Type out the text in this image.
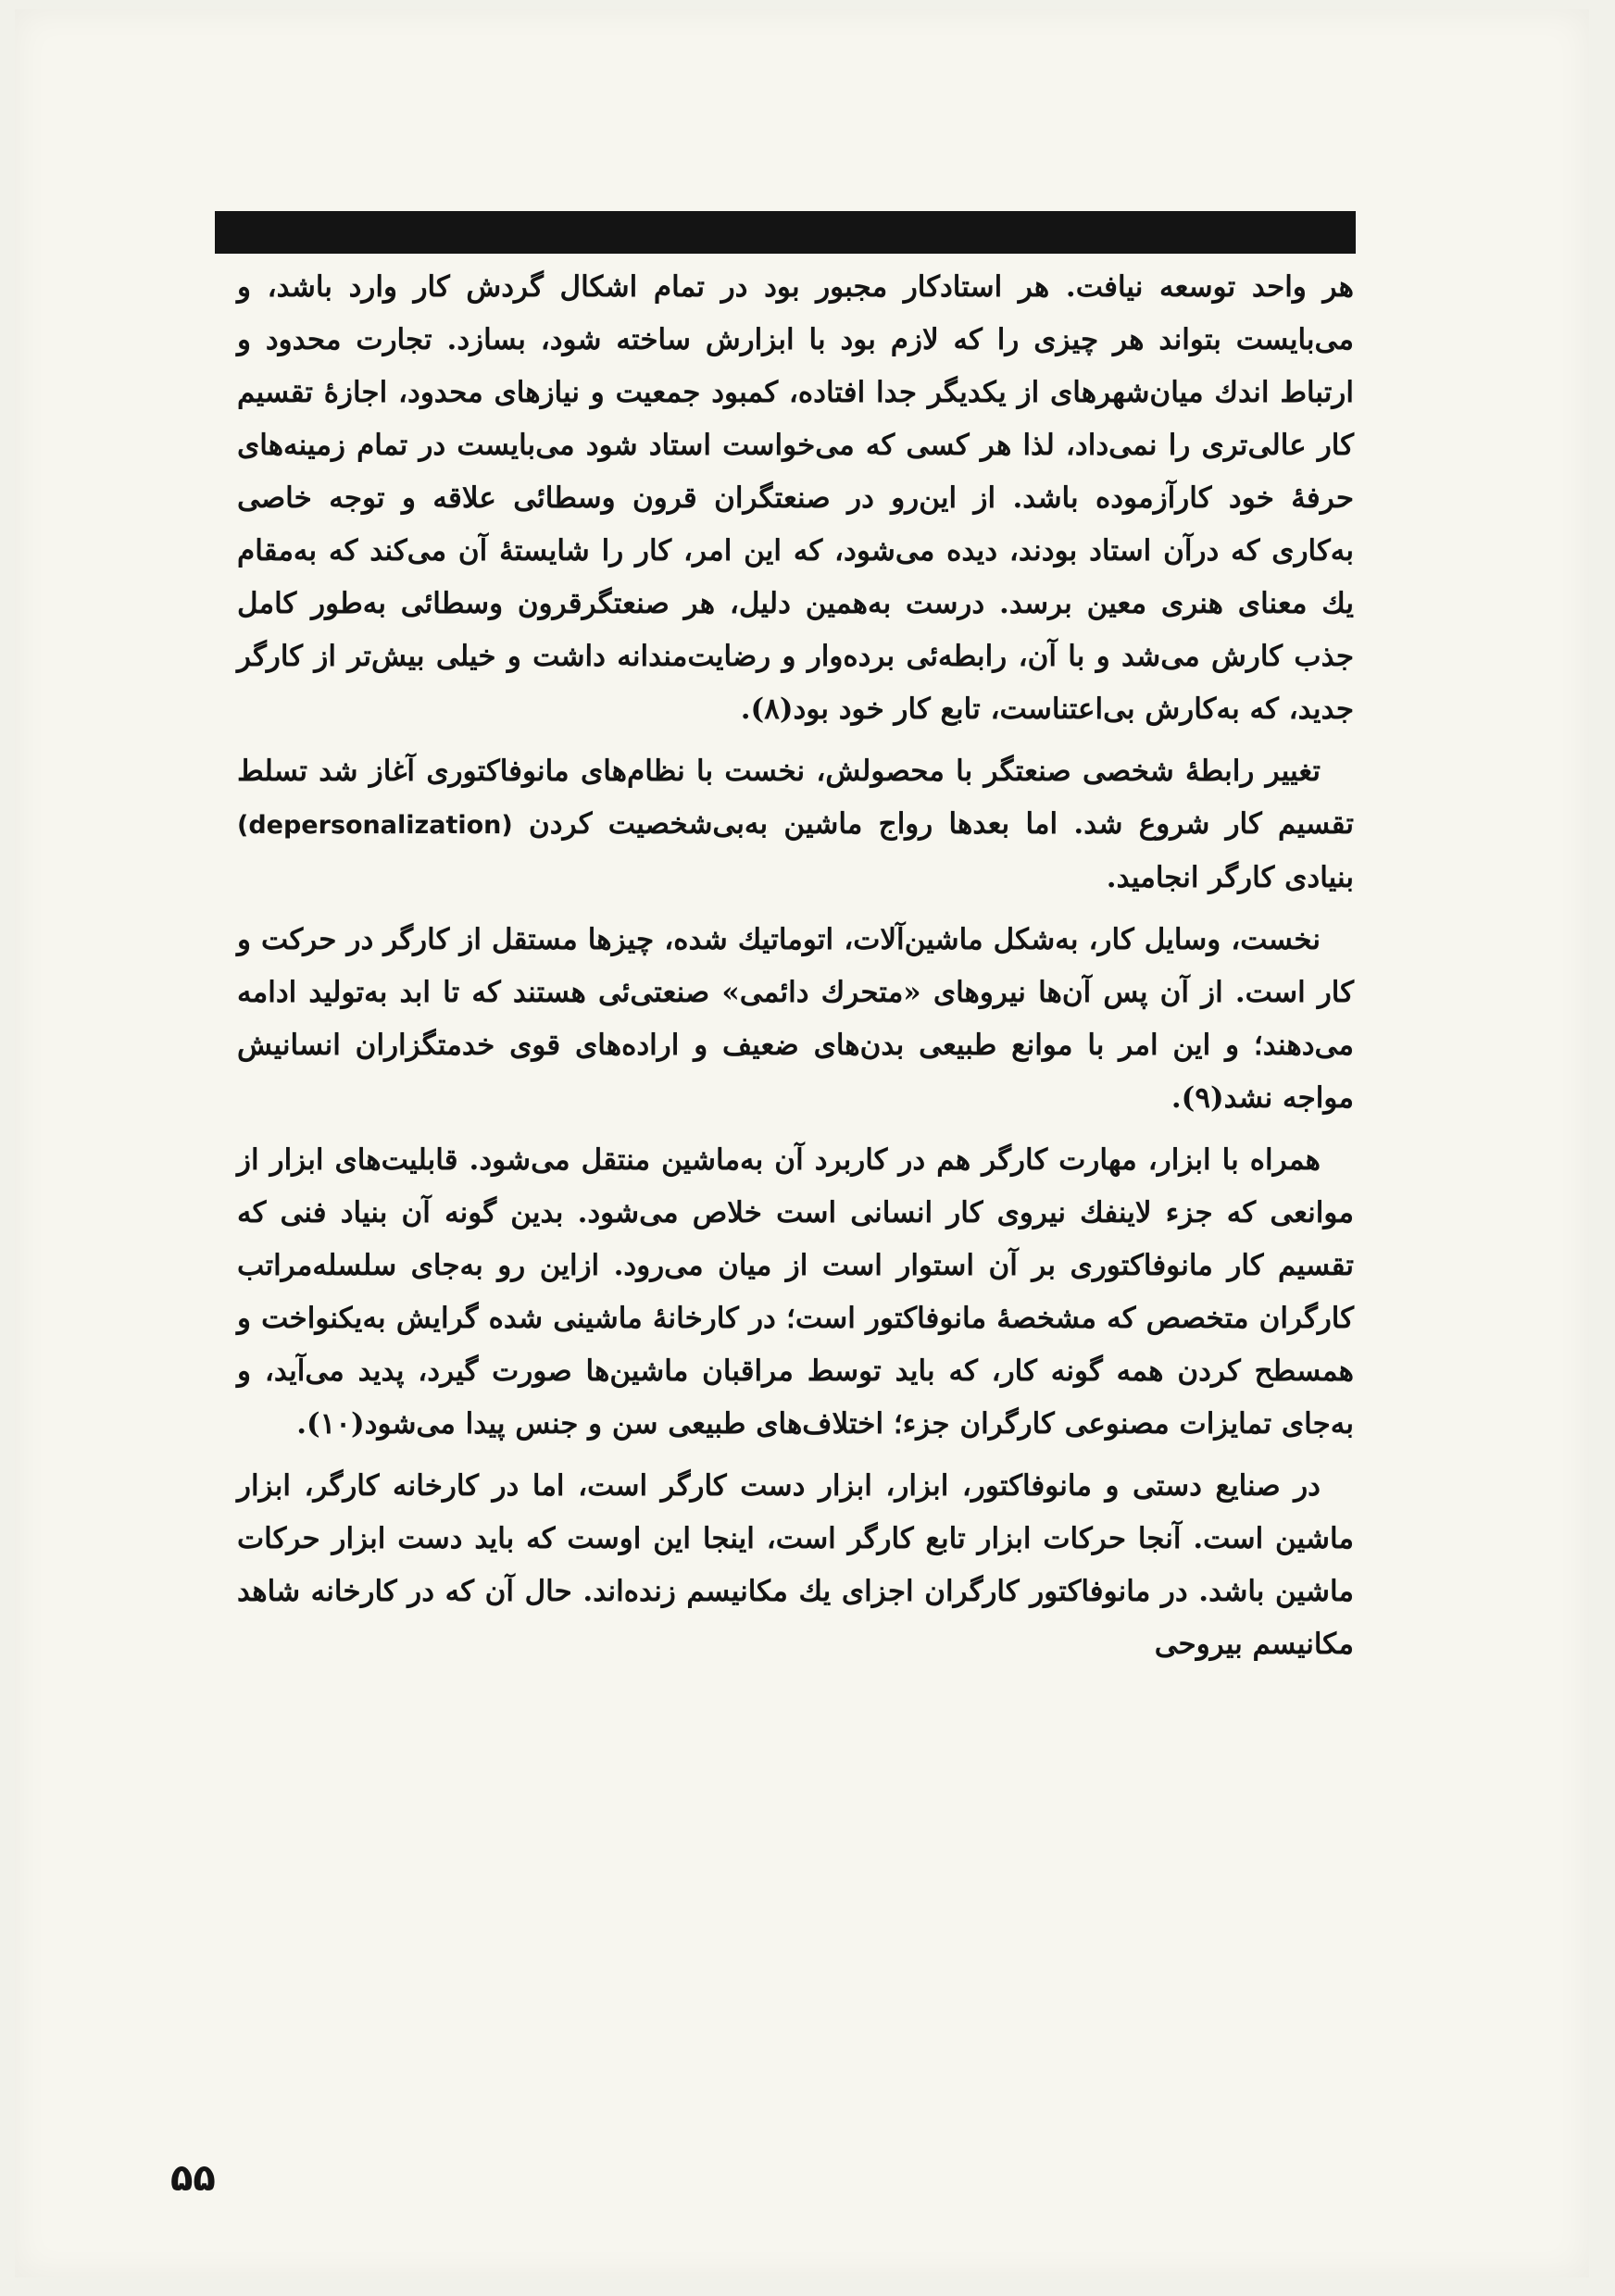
هر واحد توسعه نیافت. هر استادکار مجبور بود در تمام اشکال گردش کار وارد باشد، و می‌بایست بتواند هر چیزی را که لازم بود با ابزارش ساخته شود، بسازد. تجارت محدود و ارتباط اندك میان‌شهرهای از یکدیگر جدا افتاده، کمبود جمعیت و نیازهای محدود، اجازهٔ تقسیم کار عالی‌تری را نمی‌داد، لذا هر کسی که می‌خواست استاد شود می‌بایست در تمام زمینه‌های حرفهٔ خود کارآزموده باشد. از این‌رو در صنعتگران قرون وسطائی علاقه و توجه خاصی به‌کاری که درآن استاد بودند، دیده می‌شود، که این امر، کار را شایستهٔ آن می‌کند که به‌مقام یك معنای هنری معین برسد. درست به‌همین دلیل، هر صنعتگرقرون وسطائی به‌طور کامل جذب کارش می‌شد و با آن، رابطه‌ئی برده‌وار و رضایت‌مندانه داشت و خیلی بیش‌تر از کارگر جدید، که به‌کارش بی‌اعتناست، تابع کار خود بود(۸).

تغییر رابطهٔ شخصی صنعتگر با محصولش، نخست با نظام‌های مانوفاکتوری آغاز شد تسلط تقسیم کار شروع شد. اما بعدها رواج ماشین به‌بی‌شخصیت کردن (depersonalization) بنیادی کارگر انجامید.

نخست، وسایل کار، به‌شکل ماشین‌آلات، اتوماتیك شده، چیزها مستقل از کارگر در حرکت و کار است. از آن پس آن‌ها نیروهای «متحرك دائمی» صنعتی‌ئی هستند که تا ابد به‌تولید ادامه می‌دهند؛ و این امر با موانع طبیعی بدن‌های ضعیف و اراده‌های قوی خدمتگزاران انسانیش مواجه نشد(۹).

همراه با ابزار، مهارت کارگر هم در کاربرد آن به‌ماشین منتقل می‌شود. قابلیت‌های ابزار از موانعی که جزء لاینفك نیروی کار انسانی است خلاص می‌شود. بدین گونه آن بنیاد فنی که تقسیم کار مانوفاکتوری بر آن استوار است از میان می‌رود. ازاین رو به‌جای سلسله‌مراتب کارگران متخصص که مشخصهٔ مانوفاکتور است؛ در کارخانهٔ ماشینی شده گرایش به‌یکنواخت و همسطح کردن همه گونه کار، که باید توسط مراقبان ماشین‌ها صورت گیرد، پدید می‌آید، و به‌جای تمایزات مصنوعی کارگران جزء؛ اختلاف‌های طبیعی سن و جنس پیدا می‌شود(۱۰).

در صنایع دستی و مانوفاکتور، ابزار، ابزار دست کارگر است، اما در کارخانه کارگر، ابزار ماشین است. آنجا حرکات ابزار تابع کارگر است، اینجا این اوست که باید دست ابزار حرکات ماشین باشد. در مانوفاکتور کارگران اجزای یك مکانیسم زنده‌اند. حال آن که در کارخانه شاهد مکانیسم بیروحی

۵۵
